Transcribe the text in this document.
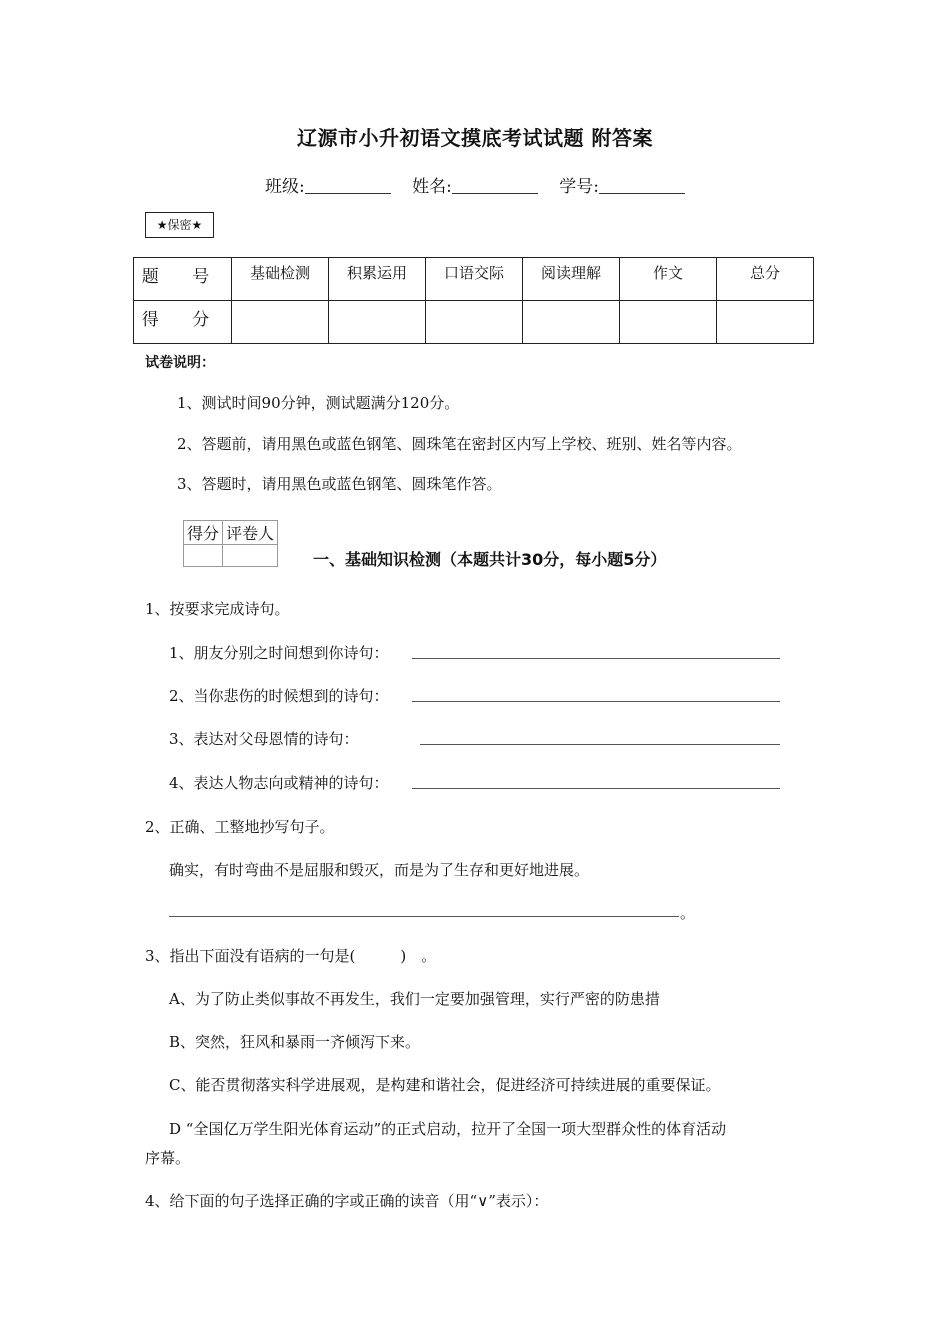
辽源市小升初语文摸底考试试题 附答案
班级:	姓名:	学号:
★保密★
题 号	基础检测	积累运用	口语交际	阅读理解	作文	总分
得 分						
试卷说明：
1、测试时间90分钟，测试题满分120分。
2、答题前，请用黑色或蓝色钢笔、圆珠笔在密封区内写上学校、班别、姓名等内容。
3、答题时，请用黑色或蓝色钢笔、圆珠笔作答。
得分	评卷人

一、基础知识检测（本题共计30分，每小题5分）
1、按要求完成诗句。
1、朋友分别之时间想到你诗句：
2、当你悲伤的时候想到的诗句：
3、表达对父母恩情的诗句：
4、表达人物志向或精神的诗句：
2、正确、工整地抄写句子。
确实，有时弯曲不是屈服和毁灭，而是为了生存和更好地进展。
。
3、指出下面没有语病的一句是(　　　)　。
A、为了防止类似事故不再发生，我们一定要加强管理，实行严密的防患措
B、突然，狂风和暴雨一齐倾泻下来。
C、能否贯彻落实科学进展观，是构建和谐社会，促进经济可持续进展的重要保证。
D “全国亿万学生阳光体育运动”的正式启动，拉开了全国一项大型群众性的体育活动
序幕。
4、给下面的句子选择正确的字或正确的读音（用“∨”表示）：
